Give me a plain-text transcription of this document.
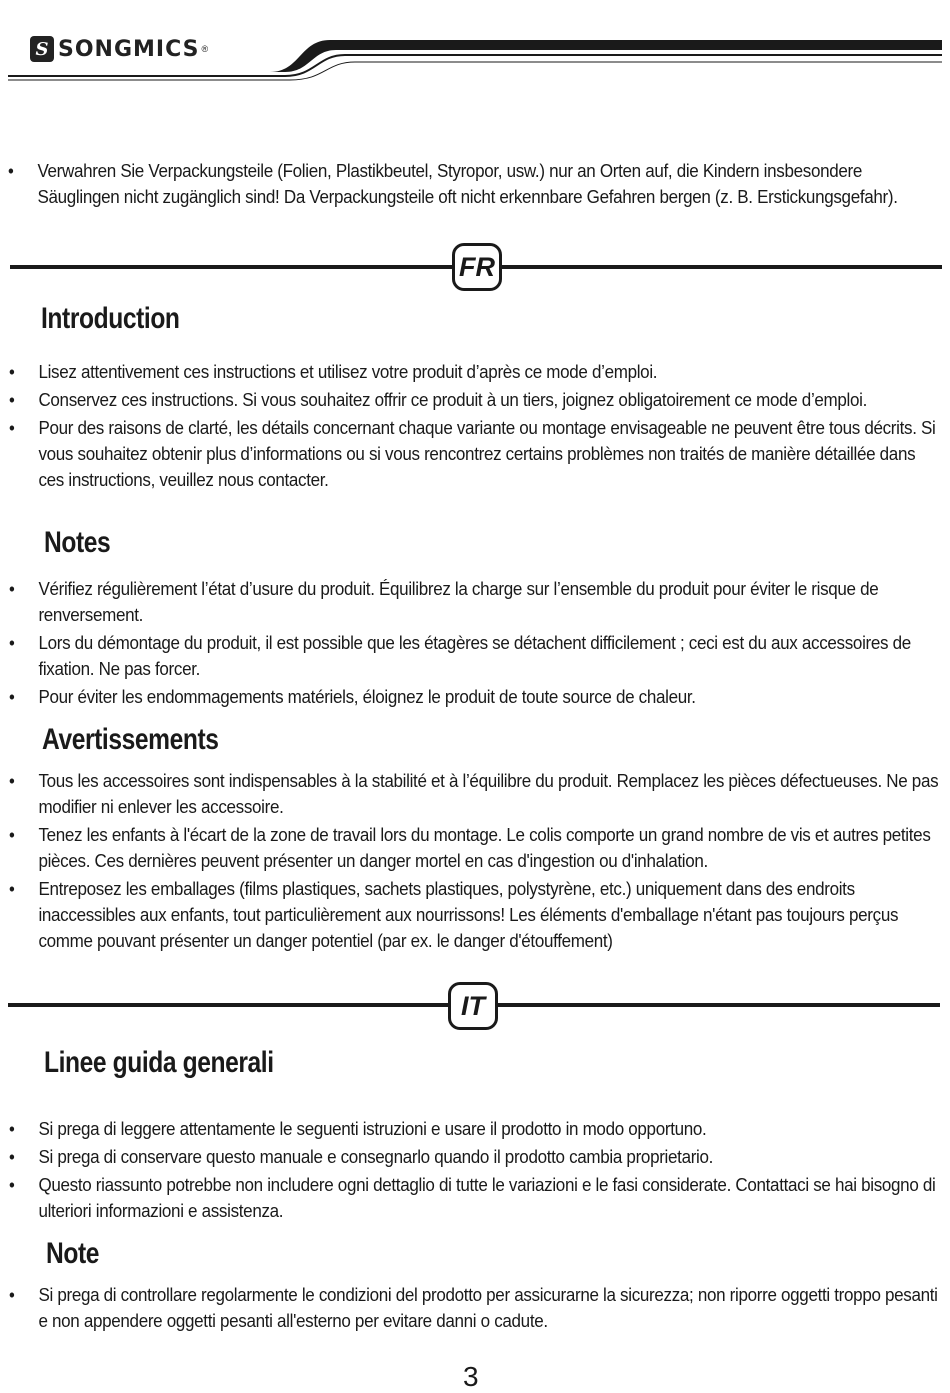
S SONGMICS ®
• Verwahren Sie Verpackungsteile (Folien, Plastikbeutel, Styropor, usw.) nur an Orten auf, die Kindern insbesondere Säuglingen nicht zugänglich sind! Da Verpackungsteile oft nicht erkennbare Gefahren bergen (z. B. Erstickungsgefahr).
FR
Introduction
• Lisez attentivement ces instructions et utilisez votre produit d’après ce mode d’emploi.
• Conservez ces instructions. Si vous souhaitez offrir ce produit à un tiers, joignez obligatoirement ce mode d’emploi.
• Pour des raisons de clarté, les détails concernant chaque variante ou montage envisageable ne peuvent être tous décrits. Si vous souhaitez obtenir plus d’informations ou si vous rencontrez certains problèmes non traités de manière détaillée dans ces instructions, veuillez nous contacter.
Notes
• Vérifiez régulièrement l’état d’usure du produit. Équilibrez la charge sur l’ensemble du produit pour éviter le risque de renversement.
• Lors du démontage du produit, il est possible que les étagères se détachent difficilement ; ceci est du aux accessoires de fixation. Ne pas forcer.
• Pour éviter les endommagements matériels, éloignez le produit de toute source de chaleur.
Avertissements
• Tous les accessoires sont indispensables à la stabilité et à l’équilibre du produit. Remplacez les pièces défectueuses. Ne pas modifier ni enlever les accessoire.
• Tenez les enfants à l'écart de la zone de travail lors du montage. Le colis comporte un grand nombre de vis et autres petites pièces. Ces dernières peuvent présenter un danger mortel en cas d'ingestion ou d'inhalation.
• Entreposez les emballages (films plastiques, sachets plastiques, polystyrène, etc.) uniquement dans des endroits inaccessibles aux enfants, tout particulièrement aux nourrissons! Les éléments d'emballage n'étant pas toujours perçus comme pouvant présenter un danger potentiel (par ex. le danger d'étouffement)
IT
Linee guida generali
• Si prega di leggere attentamente le seguenti istruzioni e usare il prodotto in modo opportuno.
• Si prega di conservare questo manuale e consegnarlo quando il prodotto cambia proprietario.
• Questo riassunto potrebbe non includere ogni dettaglio di tutte le variazioni e le fasi considerate. Contattaci se hai bisogno di ulteriori informazioni e assistenza.
Note
• Si prega di controllare regolarmente le condizioni del prodotto per assicurarne la sicurezza; non riporre oggetti troppo pesanti e non appendere oggetti pesanti all'esterno per evitare danni o cadute.
3
